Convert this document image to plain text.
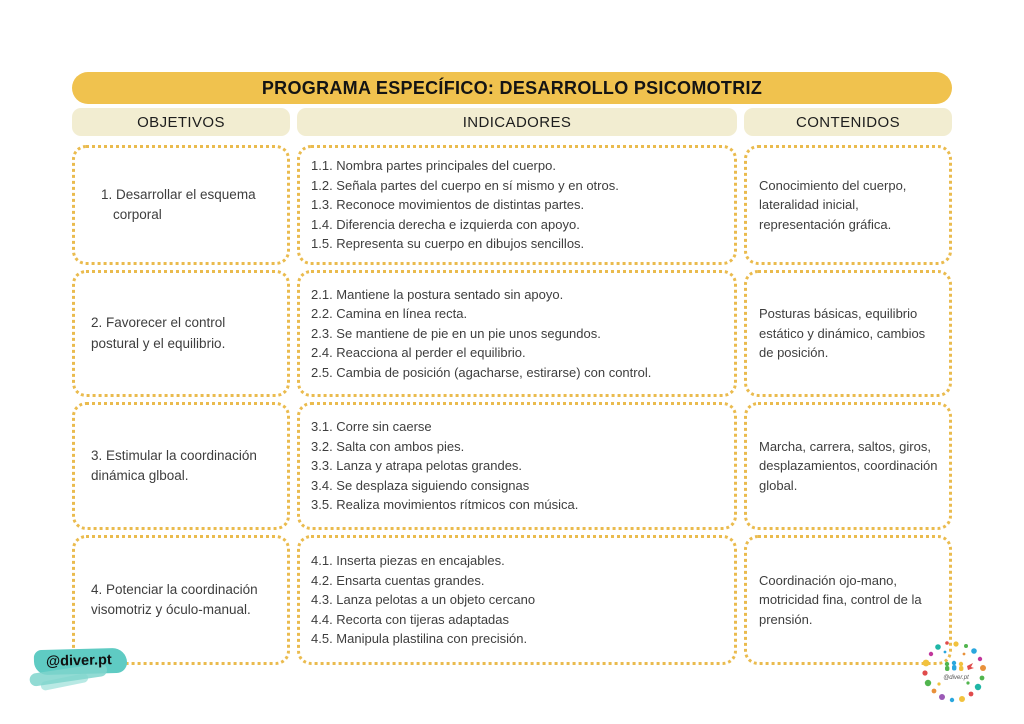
PROGRAMA ESPECÍFICO: DESARROLLO PSICOMOTRIZ
OBJETIVOS	INDICADORES	CONTENIDOS

1. Desarrollar el esquema corporal

1.1. Nombra partes principales del cuerpo.
1.2. Señala partes del cuerpo en sí mismo y en otros.
1.3. Reconoce movimientos de distintas partes.
1.4. Diferencia derecha e izquierda con apoyo.
1.5. Representa su cuerpo en dibujos sencillos.

Conocimiento del cuerpo, lateralidad inicial, representación gráfica.

2. Favorecer el control postural y el equilibrio.

2.1. Mantiene la postura sentado sin apoyo.
2.2. Camina en línea recta.
2.3. Se mantiene de pie en un pie unos segundos.
2.4. Reacciona al perder el equilibrio.
2.5. Cambia de posición (agacharse, estirarse) con control.

Posturas básicas, equilibrio estático y dinámico, cambios de posición.

3. Estimular la coordinación dinámica glboal.

3.1. Corre sin caerse
3.2. Salta con ambos pies.
3.3. Lanza y atrapa pelotas grandes.
3.4. Se desplaza siguiendo consignas
3.5. Realiza movimientos rítmicos con música.

Marcha, carrera, saltos, giros, desplazamientos, coordinación global.

4. Potenciar la coordinación visomotriz y óculo-manual.

4.1. Inserta piezas en encajables.
4.2. Ensarta cuentas grandes.
4.3. Lanza pelotas a un objeto cercano
4.4. Recorta con tijeras adaptadas
4.5. Manipula plastilina con precisión.

Coordinación ojo-mano, motricidad fina, control de la prensión.

@diver.pt
@diver.pt
